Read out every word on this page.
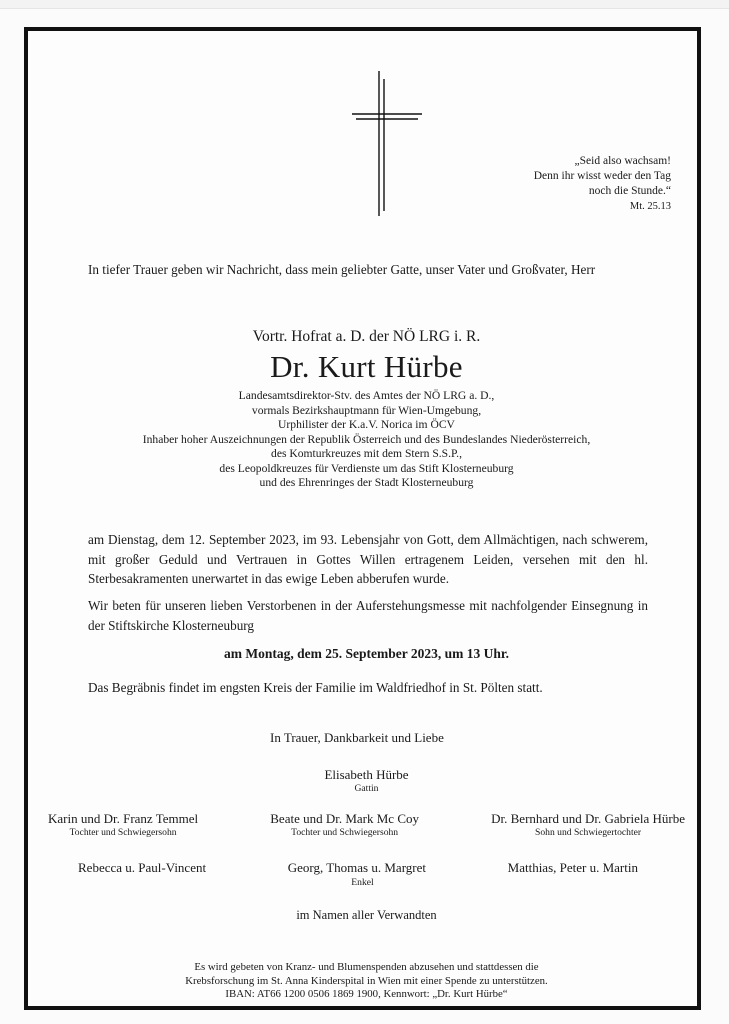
„Seid also wachsam!
Denn ihr wisst weder den Tag
noch die Stunde.“
Mt. 25.13
In tiefer Trauer geben wir Nachricht, dass mein geliebter Gatte, unser Vater und Großvater, Herr
Vortr. Hofrat a. D. der NÖ LRG i. R.
Dr. Kurt Hürbe
Landesamtsdirektor-Stv. des Amtes der NÖ LRG a. D.,
vormals Bezirkshauptmann für Wien-Umgebung,
Urphilister der K.a.V. Norica im ÖCV
Inhaber hoher Auszeichnungen der Republik Österreich und des Bundeslandes Niederösterreich,
des Komturkreuzes mit dem Stern S.S.P.,
des Leopoldkreuzes für Verdienste um das Stift Klosterneuburg
und des Ehrenringes der Stadt Klosterneuburg
am Dienstag, dem 12. September 2023, im 93. Lebensjahr von Gott, dem Allmächtigen, nach schwerem, mit großer Geduld und Vertrauen in Gottes Willen ertragenem Leiden, versehen mit den hl. Sterbesakramenten unerwartet in das ewige Leben abberufen wurde.
Wir beten für unseren lieben Verstorbenen in der Auferstehungsmesse mit nachfolgender Einsegnung in der Stiftskirche Klosterneuburg
am Montag, dem 25. September 2023, um 13 Uhr.
Das Begräbnis findet im engsten Kreis der Familie im Waldfriedhof in St. Pölten statt.
In Trauer, Dankbarkeit und Liebe
Elisabeth Hürbe
Gattin
Karin und Dr. Franz Temmel
Tochter und Schwiegersohn
Beate und Dr. Mark Mc Coy
Tochter und Schwiegersohn
Dr. Bernhard und Dr. Gabriela Hürbe
Sohn und Schwiegertochter
Rebecca u. Paul-Vincent	Georg, Thomas u. Margret	Matthias, Peter u. Martin
Enkel
im Namen aller Verwandten
Es wird gebeten von Kranz- und Blumenspenden abzusehen und stattdessen die
Krebsforschung im St. Anna Kinderspital in Wien mit einer Spende zu unterstützen.
IBAN: AT66 1200 0506 1869 1900, Kennwort: „Dr. Kurt Hürbe“
